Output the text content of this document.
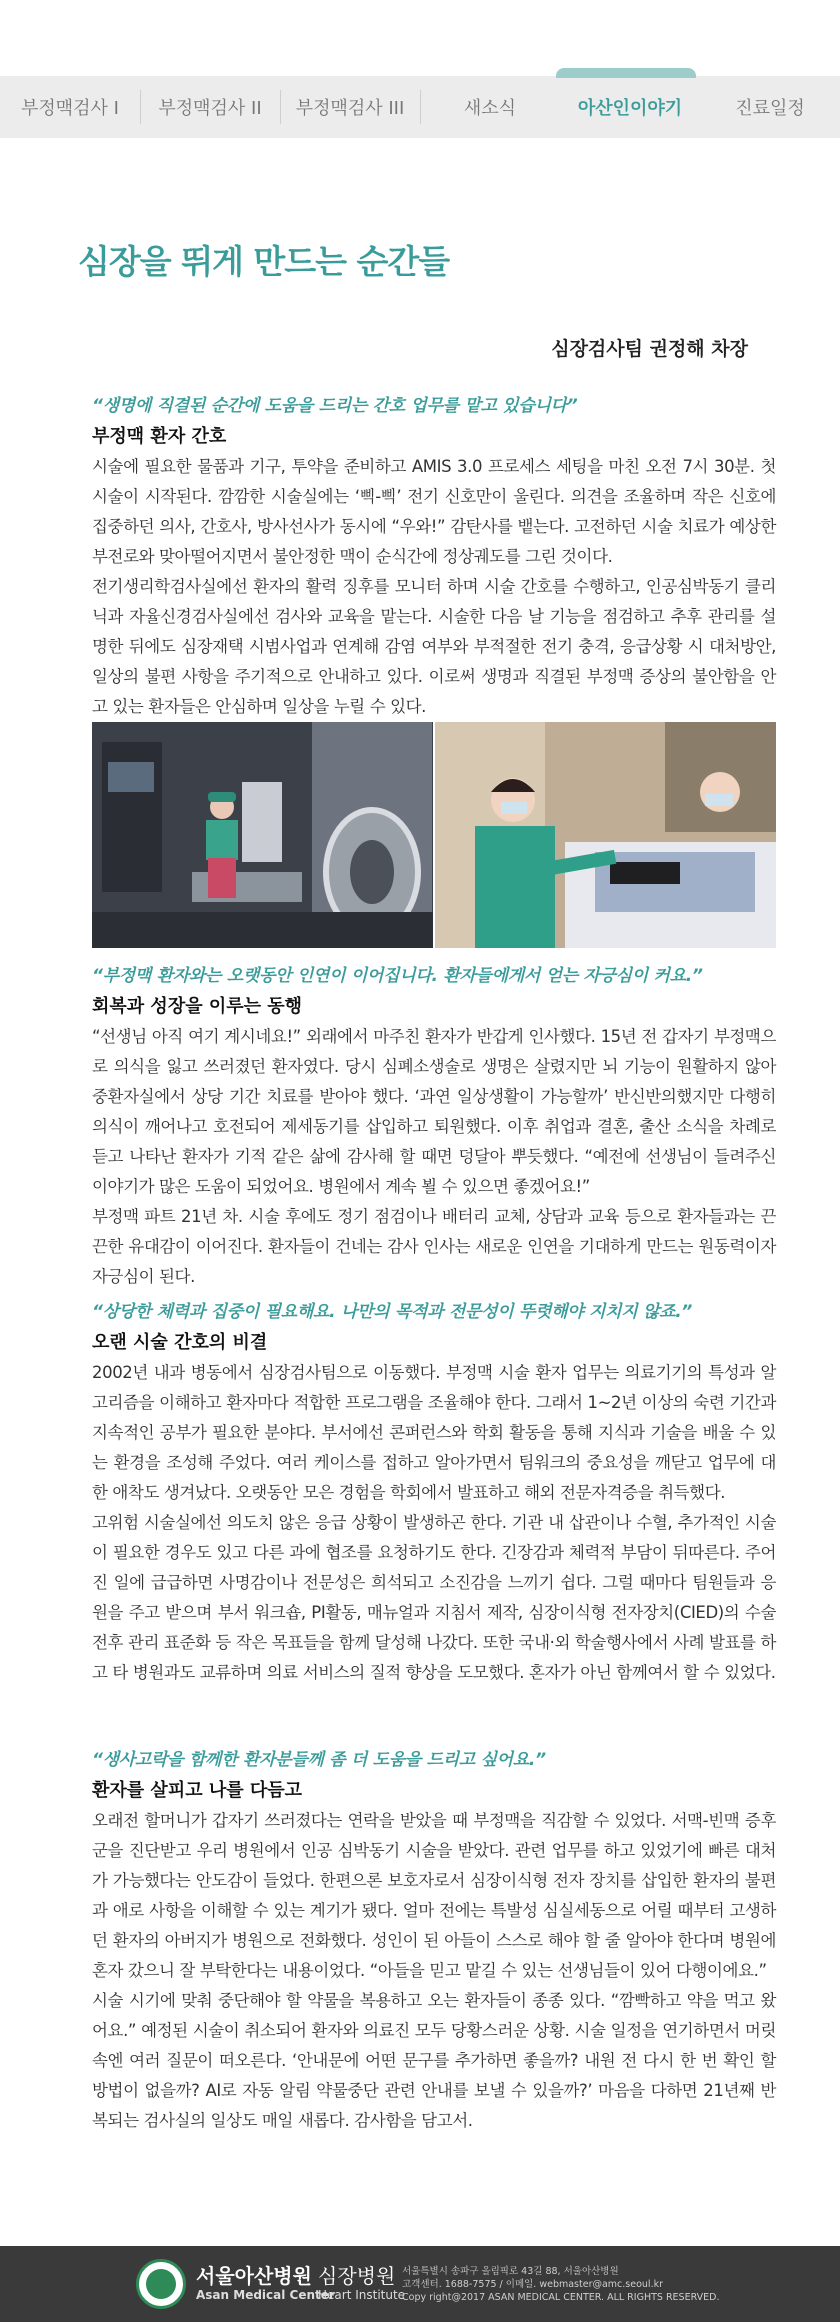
부정맥검사 I	부정맥검사 II	부정맥검사 III	새소식	아산인이야기	진료일정
심장을 뛰게 만드는 순간들
심장검사팀 권정해 차장
“생명에 직결된 순간에 도움을 드리는 간호 업무를 맡고 있습니다”
부정맥 환자 간호

시술에 필요한 물품과 기구, 투약을 준비하고 AMIS 3.0 프로세스 세팅을 마친 오전 7시 30분. 첫 시술이 시작된다. 깜깜한 시술실에는 ‘삑-삑’ 전기 신호만이 울린다. 의견을 조율하며 작은 신호에 집중하던 의사, 간호사, 방사선사가 동시에 “우와!” 감탄사를 뱉는다. 고전하던 시술 치료가 예상한 부전로와 맞아떨어지면서 불안정한 맥이 순식간에 정상궤도를 그린 것이다.

전기생리학검사실에선 환자의 활력 징후를 모니터 하며 시술 간호를 수행하고, 인공심박동기 클리닉과 자율신경검사실에선 검사와 교육을 맡는다. 시술한 다음 날 기능을 점검하고 추후 관리를 설명한 뒤에도 심장재택 시범사업과 연계해 감염 여부와 부적절한 전기 충격, 응급상황 시 대처방안, 일상의 불편 사항을 주기적으로 안내하고 있다. 이로써 생명과 직결된 부정맥 증상의 불안함을 안고 있는 환자들은 안심하며 일상을 누릴 수 있다.

“부정맥 환자와는 오랫동안 인연이 이어집니다. 환자들에게서 얻는 자긍심이 커요.”
회복과 성장을 이루는 동행

“선생님 아직 여기 계시네요!” 외래에서 마주친 환자가 반갑게 인사했다. 15년 전 갑자기 부정맥으로 의식을 잃고 쓰러졌던 환자였다. 당시 심폐소생술로 생명은 살렸지만 뇌 기능이 원활하지 않아 중환자실에서 상당 기간 치료를 받아야 했다. ‘과연 일상생활이 가능할까’ 반신반의했지만 다행히 의식이 깨어나고 호전되어 제세동기를 삽입하고 퇴원했다. 이후 취업과 결혼, 출산 소식을 차례로 듣고 나타난 환자가 기적 같은 삶에 감사해 할 때면 덩달아 뿌듯했다. “예전에 선생님이 들려주신 이야기가 많은 도움이 되었어요. 병원에서 계속 뵐 수 있으면 좋겠어요!”

부정맥 파트 21년 차. 시술 후에도 정기 점검이나 배터리 교체, 상담과 교육 등으로 환자들과는 끈끈한 유대감이 이어진다. 환자들이 건네는 감사 인사는 새로운 인연을 기대하게 만드는 원동력이자 자긍심이 된다.

“상당한 체력과 집중이 필요해요. 나만의 목적과 전문성이 뚜렷해야 지치지 않죠.”
오랜 시술 간호의 비결

2002년 내과 병동에서 심장검사팀으로 이동했다. 부정맥 시술 환자 업무는 의료기기의 특성과 알고리즘을 이해하고 환자마다 적합한 프로그램을 조율해야 한다. 그래서 1~2년 이상의 숙련 기간과 지속적인 공부가 필요한 분야다. 부서에선 콘퍼런스와 학회 활동을 통해 지식과 기술을 배울 수 있는 환경을 조성해 주었다. 여러 케이스를 접하고 알아가면서 팀워크의 중요성을 깨닫고 업무에 대한 애착도 생겨났다. 오랫동안 모은 경험을 학회에서 발표하고 해외 전문자격증을 취득했다.

고위험 시술실에선 의도치 않은 응급 상황이 발생하곤 한다. 기관 내 삽관이나 수혈, 추가적인 시술이 필요한 경우도 있고 다른 과에 협조를 요청하기도 한다. 긴장감과 체력적 부담이 뒤따른다. 주어진 일에 급급하면 사명감이나 전문성은 희석되고 소진감을 느끼기 쉽다. 그럴 때마다 팀원들과 응원을 주고 받으며 부서 워크숍, PI활동, 매뉴얼과 지침서 제작, 심장이식형 전자장치(CIED)의 수술 전후 관리 표준화 등 작은 목표들을 함께 달성해 나갔다. 또한 국내·외 학술행사에서 사례 발표를 하고 타 병원과도 교류하며 의료 서비스의 질적 향상을 도모했다. 혼자가 아닌 함께여서 할 수 있었다.

“생사고락을 함께한 환자분들께 좀 더 도움을 드리고 싶어요.”
환자를 살피고 나를 다듬고

오래전 할머니가 갑자기 쓰러졌다는 연락을 받았을 때 부정맥을 직감할 수 있었다. 서맥-빈맥 증후군을 진단받고 우리 병원에서 인공 심박동기 시술을 받았다. 관련 업무를 하고 있었기에 빠른 대처가 가능했다는 안도감이 들었다. 한편으론 보호자로서 심장이식형 전자 장치를 삽입한 환자의 불편과 애로 사항을 이해할 수 있는 계기가 됐다. 얼마 전에는 특발성 심실세동으로 어릴 때부터 고생하던 환자의 아버지가 병원으로 전화했다. 성인이 된 아들이 스스로 해야 할 줄 알아야 한다며 병원에 혼자 갔으니 잘 부탁한다는 내용이었다. “아들을 믿고 맡길 수 있는 선생님들이 있어 다행이에요.”

시술 시기에 맞춰 중단해야 할 약물을 복용하고 오는 환자들이 종종 있다. “깜빡하고 약을 먹고 왔어요.” 예정된 시술이 취소되어 환자와 의료진 모두 당황스러운 상황. 시술 일정을 연기하면서 머릿속엔 여러 질문이 떠오른다. ‘안내문에 어떤 문구를 추가하면 좋을까? 내원 전 다시 한 번 확인 할 방법이 없을까? AI로 자동 알림 약물중단 관련 안내를 보낼 수 있을까?’ 마음을 다하면 21년째 반복되는 검사실의 일상도 매일 새롭다. 감사함을 담고서.

서울아산병원
Asan Medical Center
심장병원
Heart Institute
서울특별시 송파구 올림픽로 43길 88, 서울아산병원
고객센터. 1688-7575 / 이메일. webmaster@amc.seoul.kr
Copy right@2017 ASAN MEDICAL CENTER. ALL RIGHTS RESERVED.
